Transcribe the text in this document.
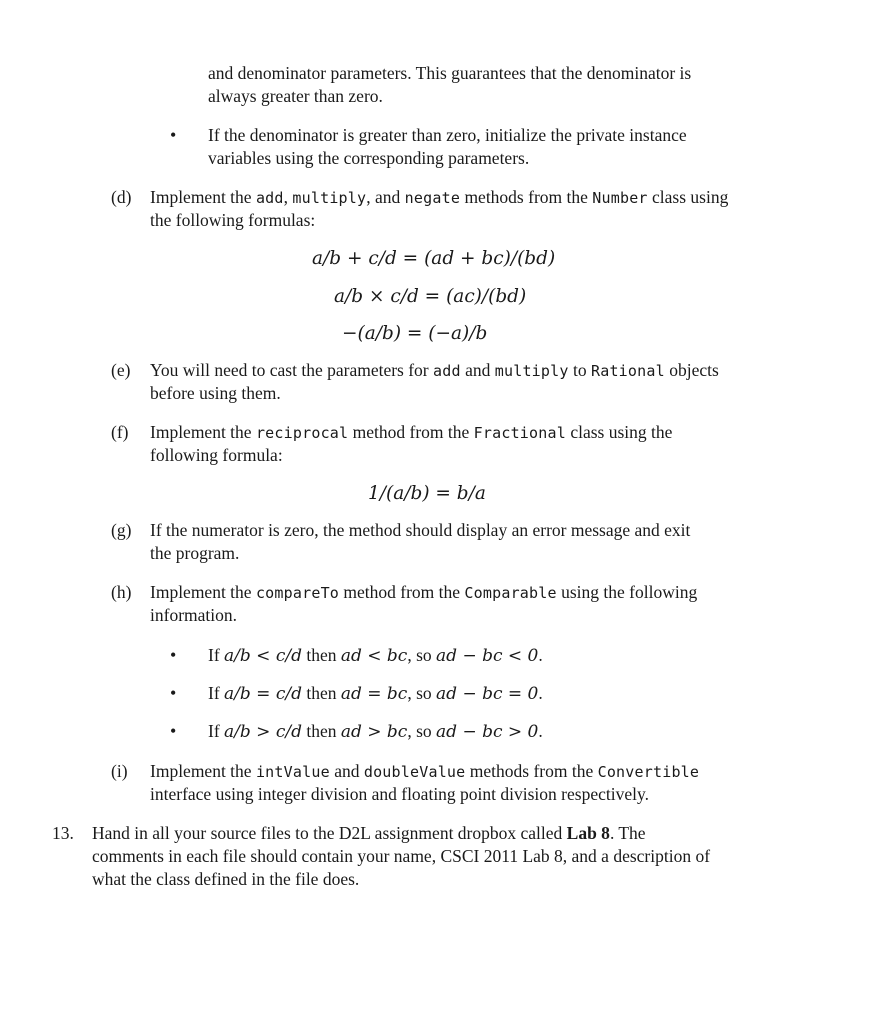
and denominator parameters. This guarantees that the denominator is
always greater than zero.
• If the denominator is greater than zero, initialize the private instance
variables using the corresponding parameters.
(d) Implement the add, multiply, and negate methods from the Number class using
the following formulas:
a/b + c/d = (ad + bc)/(bd)
a/b × c/d = (ac)/(bd)
−(a/b) = (−a)/b
(e) You will need to cast the parameters for add and multiply to Rational objects
before using them.
(f) Implement the reciprocal method from the Fractional class using the
following formula:
1/(a/b) = b/a
(g) If the numerator is zero, the method should display an error message and exit
the program.
(h) Implement the compareTo method from the Comparable using the following
information.
• If a/b < c/d then ad < bc, so ad − bc < 0.
• If a/b = c/d then ad = bc, so ad − bc = 0.
• If a/b > c/d then ad > bc, so ad − bc > 0.
(i) Implement the intValue and doubleValue methods from the Convertible
interface using integer division and floating point division respectively.
13. Hand in all your source files to the D2L assignment dropbox called Lab 8. The
comments in each file should contain your name, CSCI 2011 Lab 8, and a description of
what the class defined in the file does.
